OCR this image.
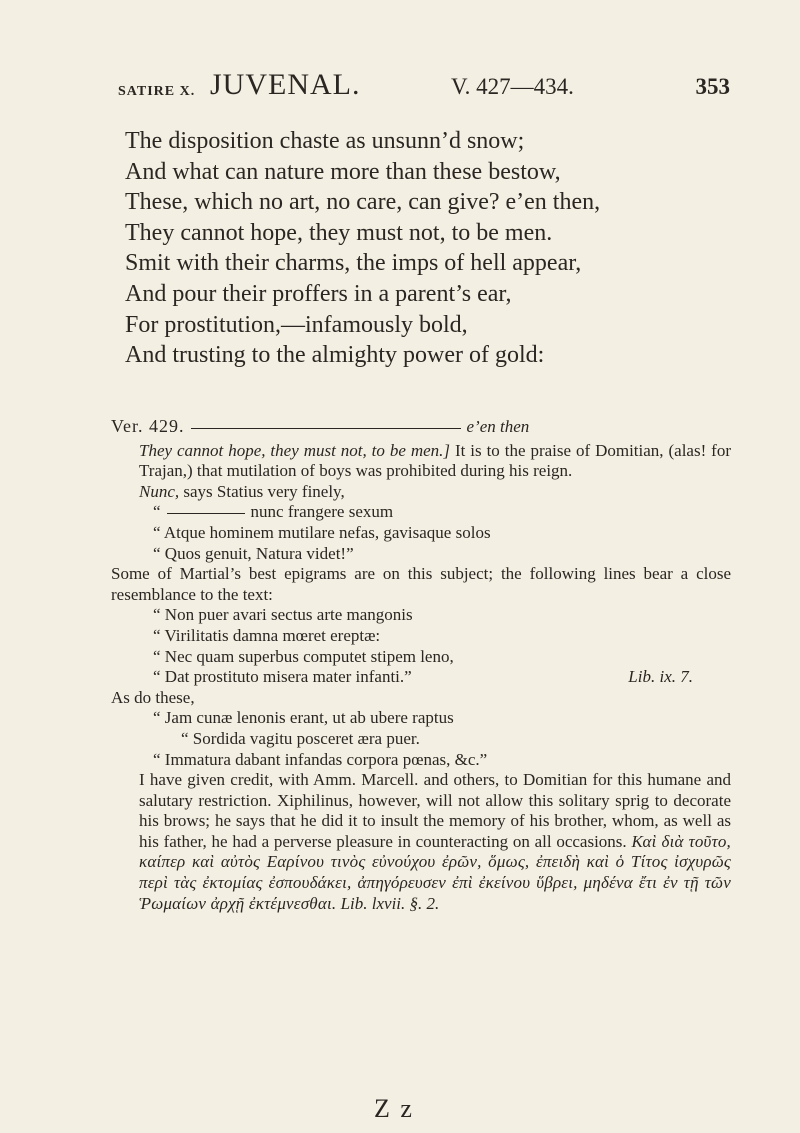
SATIRE X. JUVENAL.	V. 427—434.	353
The disposition chaste as unsunn’d snow;
And what can nature more than these bestow,
These, which no art, no care, can give? e’en then,
They cannot hope, they must not, to be men.
Smit with their charms, the imps of hell appear,
And pour their proffers in a parent’s ear,
For prostitution,—infamously bold,
And trusting to the almighty power of gold:
Ver. 429.	e’en then
They cannot hope, they must not, to be men.] It is to the praise of Domitian, (alas! for Trajan,) that mutilation of boys was prohibited during his reign.
Nunc, says Statius very finely,
“	nunc frangere sexum
“ Atque hominem mutilare nefas, gavisaque solos
“ Quos genuit, Natura videt!”
Some of Martial’s best epigrams are on this subject; the following lines bear a close resemblance to the text:
“ Non puer avari sectus arte mangonis
“ Virilitatis damna mœret ereptæ:
“ Nec quam superbus computet stipem leno,
“ Dat prostituto misera mater infanti.”	Lib. ix. 7.
As do these,
“ Jam cunæ lenonis erant, ut ab ubere raptus
“ Sordida vagitu posceret æra puer.
“ Immatura dabant infandas corpora pœnas, &c.”
I have given credit, with Amm. Marcell. and others, to Domitian for this humane and salutary restriction. Xiphilinus, however, will not allow this solitary sprig to decorate his brows; he says that he did it to insult the memory of his brother, whom, as well as his father, he had a perverse pleasure in counteracting on all occasions. Καὶ διὰ τοῦτο, καίπερ καὶ αὐτὸς Εαρίνου τινὸς εὐνούχου ἐρῶν, ὅμως, ἐπειδὴ καὶ ὁ Τίτος ἰσχυρῶς περὶ τὰς ἐκτομίας ἐσπουδάκει, ἀπηγόρευσεν ἐπὶ ἐκείνου ὕβρει, μηδένα ἔτι ἐν τῇ τῶν Ῥωμαίων ἀρχῇ ἐκτέμνεσθαι. Lib. lxvii. §. 2.
Z z
